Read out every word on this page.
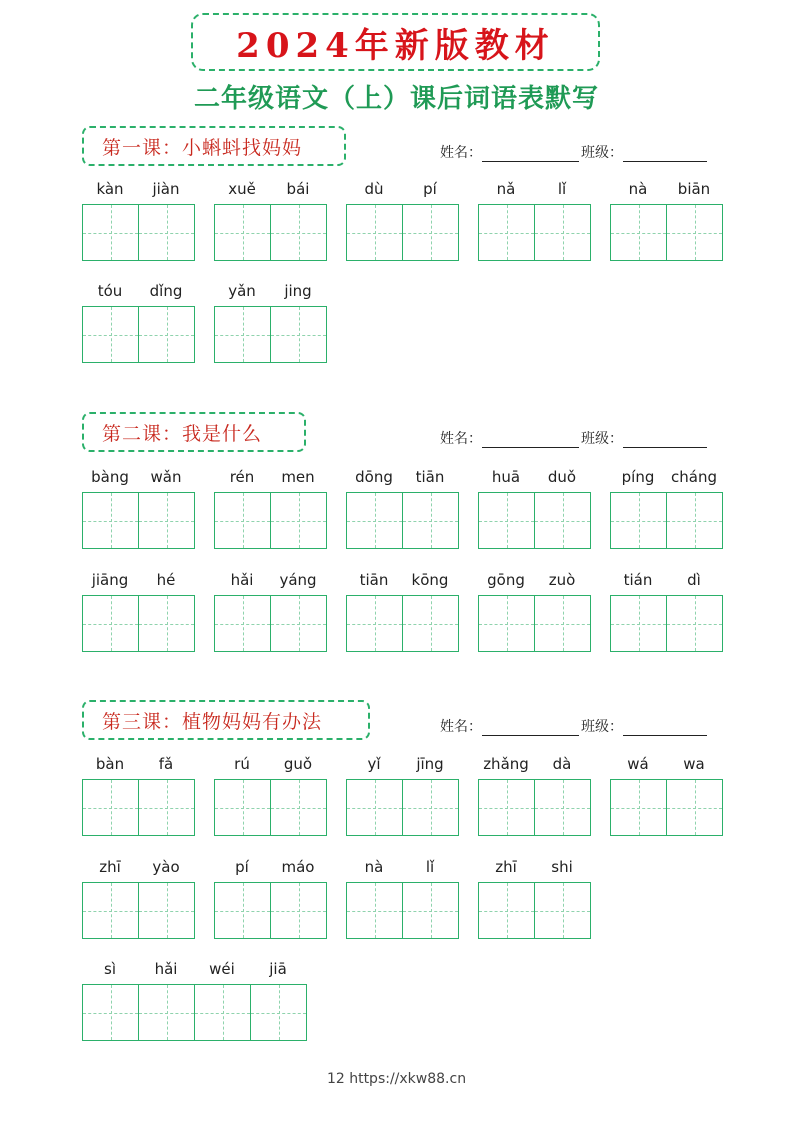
2024年新版教材
二年级语文（上）课后词语表默写
第一课：小蝌蚪找妈妈	姓名：	班级：
kàn	jiàn	xuě	bái	dù	pí	nǎ	lǐ	nà	biān
tóu	dǐng	yǎn	jing
第二课：我是什么	姓名：	班级：
bàng	wǎn	rén	men	dōng	tiān	huā	duǒ	píng	cháng
jiāng	hé	hǎi	yáng	tiān	kōng	gōng	zuò	tián	dì
第三课：植物妈妈有办法	姓名：	班级：
bàn	fǎ	rú	guǒ	yǐ	jīng	zhǎng	dà	wá	wa
zhī	yào	pí	máo	nà	lǐ	zhī	shi
sì	hǎi	wéi	jiā
12 https://xkw88.cn
